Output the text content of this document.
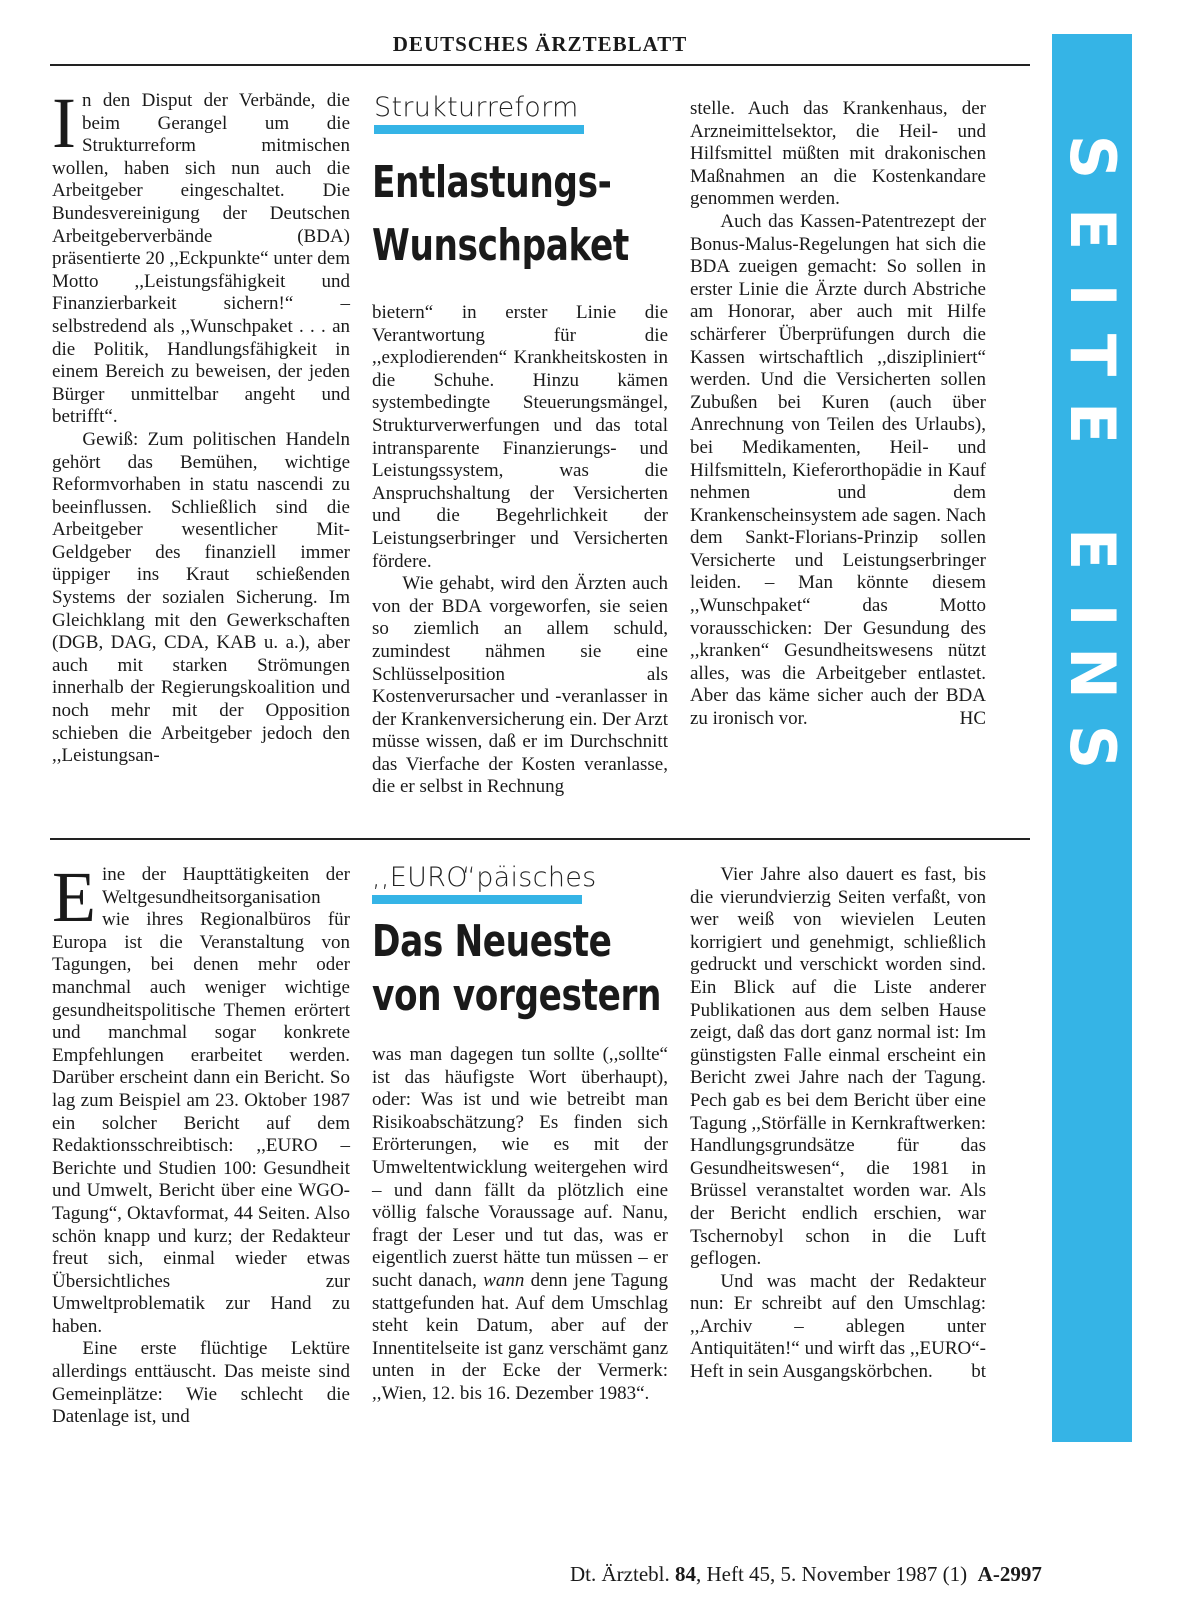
DEUTSCHES ÄRZTEBLATT
S
E
I
T
E
E
I
N
S

In den Disput der Verbände, die beim Gerangel um die Strukturreform mitmischen wollen, haben sich nun auch die Arbeitgeber eingeschaltet. Die Bundesvereinigung der Deutschen Arbeitgeberverbände (BDA) präsentierte 20 ,,Eckpunkte“ unter dem Motto ,,Leistungsfähigkeit und Finanzierbarkeit sichern!“ – selbstredend als ,,Wunschpaket . . . an die Politik, Handlungsfähigkeit in einem Bereich zu beweisen, der jeden Bürger unmittelbar angeht und betrifft“.

Gewiß: Zum politischen Handeln gehört das Bemühen, wichtige Reformvorhaben in statu nascendi zu beeinflussen. Schließlich sind die Arbeitgeber wesentlicher Mit-Geldgeber des finanziell immer üppiger ins Kraut schießenden Systems der sozialen Sicherung. Im Gleichklang mit den Gewerkschaften (DGB, DAG, CDA, KAB u. a.), aber auch mit starken Strömungen innerhalb der Regierungskoalition und noch mehr mit der Opposition schieben die Arbeitgeber jedoch den ,,Leistungsan-

Strukturreform
Entlastungs-
Wunschpaket

bietern“ in erster Linie die Verantwortung für die ,,explodierenden“ Krankheitskosten in die Schuhe. Hinzu kämen systembedingte Steuerungsmängel, Strukturverwerfungen und das total intransparente Finanzierungs- und Leistungssystem, was die Anspruchshaltung der Versicherten und die Begehrlichkeit der Leistungserbringer und Versicherten fördere.

Wie gehabt, wird den Ärzten auch von der BDA vorgeworfen, sie seien so ziemlich an allem schuld, zumindest nähmen sie eine Schlüsselposition als Kostenverursacher und -veranlasser in der Krankenversicherung ein. Der Arzt müsse wissen, daß er im Durchschnitt das Vierfache der Kosten veranlasse, die er selbst in Rechnung

stelle. Auch das Krankenhaus, der Arzneimittelsektor, die Heil- und Hilfsmittel müßten mit drakonischen Maßnahmen an die Kostenkandare genommen werden.

Auch das Kassen-Patentrezept der Bonus-Malus-Regelungen hat sich die BDA zueigen gemacht: So sollen in erster Linie die Ärzte durch Abstriche am Honorar, aber auch mit Hilfe schärferer Überprüfungen durch die Kassen wirtschaftlich ,,diszipliniert“ werden. Und die Versicherten sollen Zubußen bei Kuren (auch über Anrechnung von Teilen des Urlaubs), bei Medikamenten, Heil- und Hilfsmitteln, Kieferorthopädie in Kauf nehmen und dem Krankenscheinsystem ade sagen. Nach dem Sankt-Florians-Prinzip sollen Versicherte und Leistungserbringer leiden. – Man könnte diesem ,,Wunschpaket“ das Motto vorausschicken: Der Gesundung des ,,kranken“ Gesundheitswesens nützt alles, was die Arbeitgeber entlastet. Aber das käme sicher auch der BDA zu ironisch vor.	HC

Eine der Haupttätigkeiten der Weltgesundheitsorganisation wie ihres Regionalbüros für Europa ist die Veranstaltung von Tagungen, bei denen mehr oder manchmal auch weniger wichtige gesundheitspolitische Themen erörtert und manchmal sogar konkrete Empfehlungen erarbeitet werden. Darüber erscheint dann ein Bericht. So lag zum Beispiel am 23. Oktober 1987 ein solcher Bericht auf dem Redaktionsschreibtisch: ,,EURO – Berichte und Studien 100: Gesundheit und Umwelt, Bericht über eine WGO-Tagung“, Oktavformat, 44 Seiten. Also schön knapp und kurz; der Redakteur freut sich, einmal wieder etwas Übersichtliches zur Umweltproblematik zur Hand zu haben.

Eine erste flüchtige Lektüre allerdings enttäuscht. Das meiste sind Gemeinplätze: Wie schlecht die Datenlage ist, und

,,EURO“päisches
Das Neueste
von vorgestern

was man dagegen tun sollte (,,sollte“ ist das häufigste Wort überhaupt), oder: Was ist und wie betreibt man Risikoabschätzung? Es finden sich Erörterungen, wie es mit der Umweltentwicklung weitergehen wird – und dann fällt da plötzlich eine völlig falsche Voraussage auf. Nanu, fragt der Leser und tut das, was er eigentlich zuerst hätte tun müssen – er sucht danach, wann denn jene Tagung stattgefunden hat. Auf dem Umschlag steht kein Datum, aber auf der Innentitelseite ist ganz verschämt ganz unten in der Ecke der Vermerk: ,,Wien, 12. bis 16. Dezember 1983“.

Vier Jahre also dauert es fast, bis die vierundvierzig Seiten verfaßt, von wer weiß von wievielen Leuten korrigiert und genehmigt, schließlich gedruckt und verschickt worden sind. Ein Blick auf die Liste anderer Publikationen aus dem selben Hause zeigt, daß das dort ganz normal ist: Im günstigsten Falle einmal erscheint ein Bericht zwei Jahre nach der Tagung. Pech gab es bei dem Bericht über eine Tagung ,,Störfälle in Kernkraftwerken: Handlungsgrundsätze für das Gesundheitswesen“, die 1981 in Brüssel veranstaltet worden war. Als der Bericht endlich erschien, war Tschernobyl schon in die Luft geflogen.

Und was macht der Redakteur nun: Er schreibt auf den Umschlag: ,,Archiv – ablegen unter Antiquitäten!“ und wirft das ,,EURO“-Heft in sein Ausgangskörbchen.	bt

Dt. Ärztebl. 84, Heft 45, 5. November 1987 (1) A-2997
